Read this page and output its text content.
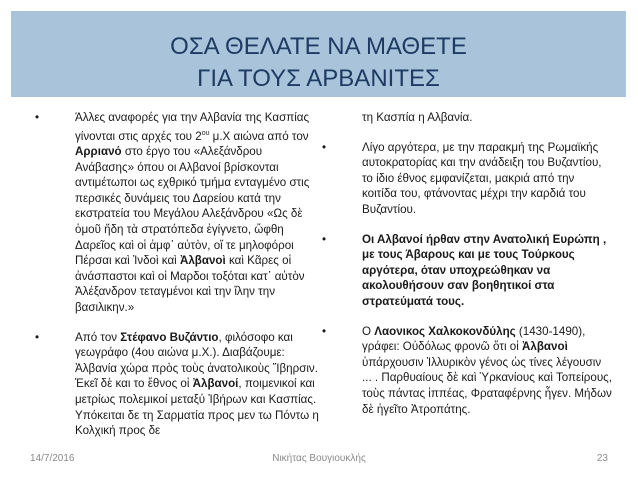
ΟΣΑ ΘΕΛΑΤΕ ΝΑ ΜΑΘΕΤΕ
ΓΙΑ ΤΟΥΣ ΑΡΒΑΝΙΤΕΣ
•	Άλλες αναφορές για την Αλβανία της Κασπίας γίνονται στις αρχές του $2^{o\upsilon}$ μ.Χ αιώνα από τον Αρριανό στο έργο του «Αλεξάνδρου Ανάβασης» όπου οι Αλβανοί βρίσκονται αντιμέτωποι ως εχθρικό τμήμα ενταγμένο στις περσικές δυνάμεις του Δαρείου κατά την εκστρατεία του Μεγάλου Αλεξάνδρου «Ως δὲ ὁμοῦ ἤδη τὰ στρατόπεδα ἐγίγνετο, ὤφθη Δαρεῖος καὶ οἱ ἀμφ᾽ αὐτὸν, οἵ τε μηλοφόροι Πέρσαι καὶ Ἰνδοὶ καὶ Ἀλβανοὶ καὶ Κᾶρες οἱ ἀνάσπαστοι καὶ οἱ Μαρδοι τοξόται κατ᾽ αὐτὸν Ἀλέξανδρον τεταγμένοι καὶ την ἴλην την βασιλικην.»

•	Από τον Στέφανο Βυζάντιο, φιλόσοφο και γεωγράφο (4ου αιώνα μ.Χ.). Διαβάζουμε: Ἀλβανία χώρα πρὸς τοὺς ἀνατολικοὺς Ἴβηρσιν. Ἐκεῖ δὲ και το ἔθνος οἱ Ἀλβανοί, ποιμενικοί και μετρίως πολεμικοί μεταξύ Ἰβήρων και Κασπίας. Υπόκειται δε τη Σαρματία προς μεν τω Πόντω η Κολχική προς δε

τη Κασπία η Αλβανία.
•	Λίγο αργότερα, με την παρακμή της Ρωμαϊκής αυτοκρατορίας και την ανάδειξη του Βυζαντίου, το ίδιο έθνος εμφανίζεται, μακριά από την κοιτίδα του, φτάνοντας μέχρι την καρδιά του Βυζαντίου.

•	Οι Αλβανοί ήρθαν στην Ανατολική Ευρώπη , με τους Άβαρους και με τους Τούρκους αργότερα, όταν υποχρεώθηκαν να ακολουθήσουν σαν βοηθητικοί στα στρατεύματά τους.

•	Ο Λαονικος Χαλκοκονδύλης (1430-1490), γράφει: Οὐδόλως φρονῶ ὅτι οἱ Ἀλβανοὶ ὑπάρχουσιν Ἰλλυρικὸν γένος ὡς τίνες λέγουσιν ... . Παρθυαίους δὲ καὶ Ὑρκανίους καὶ Τοπείρους, τοὺς πάντας ἱππέας, Φραταφέρνης ἦγεν. Μήδων δὲ ἡγεῖτο Ἀτροπάτης.

14/7/2016	Νικήτας Βουγιουκλής	23
